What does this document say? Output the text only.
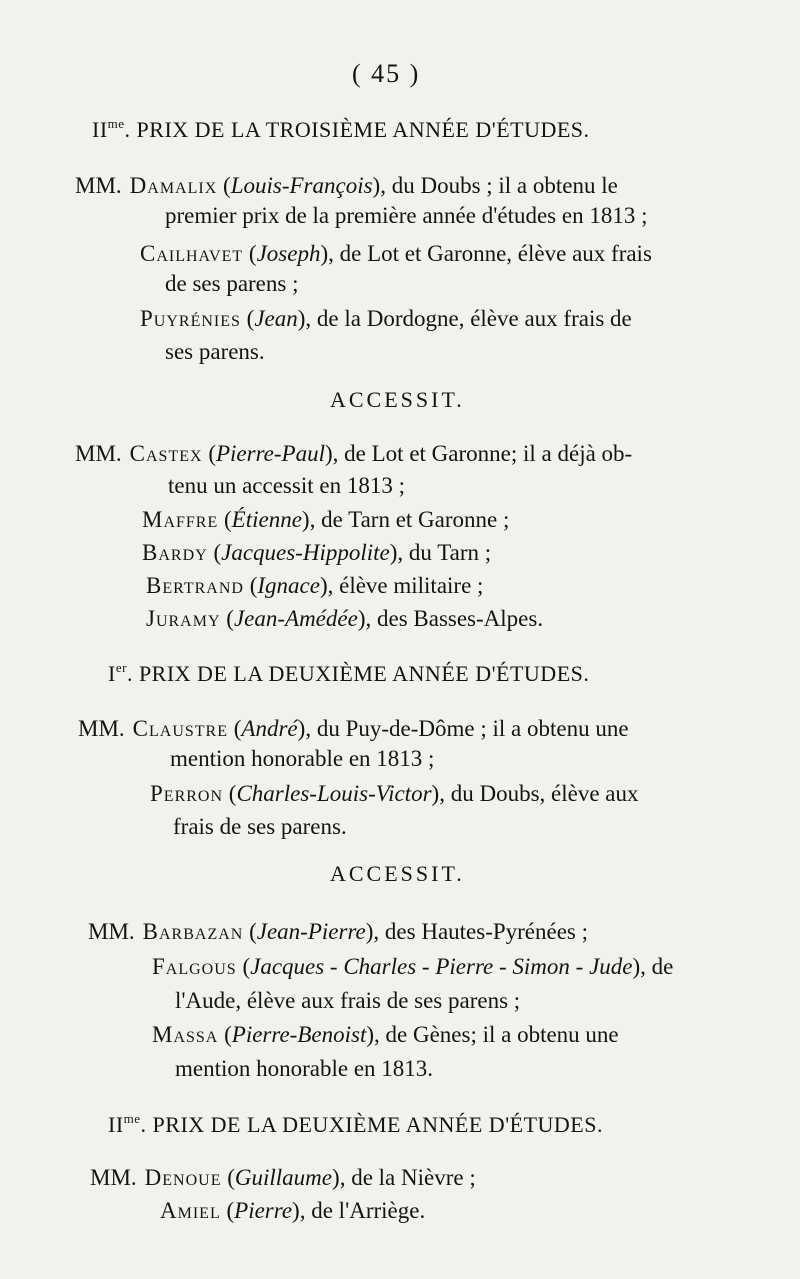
( 45 )
$II^{me}$. PRIX DE LA TROISIÈME ANNÉE D'ÉTUDES.
MM. Damalix (Louis-François), du Doubs ; il a obtenu le
premier prix de la première année d'études en 1813 ;
Cailhavet (Joseph), de Lot et Garonne, élève aux frais
de ses parens ;
Puyrénies (Jean), de la Dordogne, élève aux frais de
ses parens.
ACCESSIT.
MM. Castex (Pierre-Paul), de Lot et Garonne; il a déjà ob-
tenu un accessit en 1813 ;
Maffre (Étienne), de Tarn et Garonne ;
Bardy (Jacques-Hippolite), du Tarn ;
Bertrand (Ignace), élève militaire ;
Juramy (Jean-Amédée), des Basses-Alpes.
Ier. PRIX DE LA DEUXIÈME ANNÉE D'ÉTUDES.
MM. Claustre (André), du Puy-de-Dôme ; il a obtenu une
mention honorable en 1813 ;
Perron (Charles-Louis-Victor), du Doubs, élève aux
frais de ses parens.
ACCESSIT.
MM. Barbazan (Jean-Pierre), des Hautes-Pyrénées ;
Falgous (Jacques - Charles - Pierre - Simon - Jude), de
l'Aude, élève aux frais de ses parens ;
Massa (Pierre-Benoist), de Gènes; il a obtenu une
mention honorable en 1813.
$II^{me}$. PRIX DE LA DEUXIÈME ANNÉE D'ÉTUDES.
MM. Denoue (Guillaume), de la Nièvre ;
Amiel (Pierre), de l'Arriège.
